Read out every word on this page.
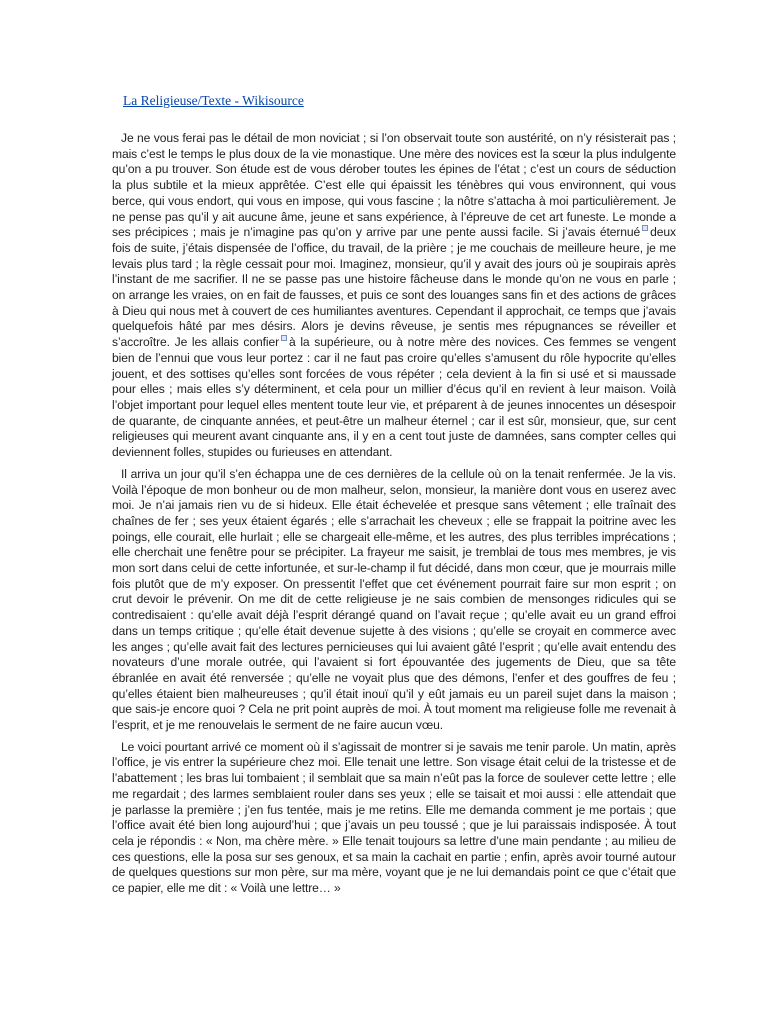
La Religieuse/Texte - Wikisource

Je ne vous ferai pas le détail de mon noviciat ; si l’on observait toute son austérité, on n’y résisterait pas ; mais c’est le temps le plus doux de la vie monastique. Une mère des novices est la sœur la plus indulgente qu’on a pu trouver. Son étude est de vous dérober toutes les épines de l’état ; c’est un cours de séduction la plus subtile et la mieux apprêtée. C’est elle qui épaissit les ténèbres qui vous environnent, qui vous berce, qui vous endort, qui vous en impose, qui vous fascine ; la nôtre s’attacha à moi particulièrement. Je ne pense pas qu’il y ait aucune âme, jeune et sans expérience, à l’épreuve de cet art funeste. Le monde a ses précipices ; mais je n’imagine pas qu’on y arrive par une pente aussi facile. Si j’avais éternué deux fois de suite, j’étais dispensée de l’office, du travail, de la prière ; je me couchais de meilleure heure, je me levais plus tard ; la règle cessait pour moi. Imaginez, monsieur, qu’il y avait des jours où je soupirais après l’instant de me sacrifier. Il ne se passe pas une histoire fâcheuse dans le monde qu’on ne vous en parle ; on arrange les vraies, on en fait de fausses, et puis ce sont des louanges sans fin et des actions de grâces à Dieu qui nous met à couvert de ces humiliantes aventures. Cependant il approchait, ce temps que j’avais quelquefois hâté par mes désirs. Alors je devins rêveuse, je sentis mes répugnances se réveiller et s’accroître. Je les allais confier à la supérieure, ou à notre mère des novices. Ces femmes se vengent bien de l’ennui que vous leur portez : car il ne faut pas croire qu’elles s’amusent du rôle hypocrite qu’elles jouent, et des sottises qu’elles sont forcées de vous répéter ; cela devient à la fin si usé et si maussade pour elles ; mais elles s’y déterminent, et cela pour un millier d’écus qu’il en revient à leur maison. Voilà l’objet important pour lequel elles mentent toute leur vie, et préparent à de jeunes innocentes un désespoir de quarante, de cinquante années, et peut-être un malheur éternel ; car il est sûr, monsieur, que, sur cent religieuses qui meurent avant cinquante ans, il y en a cent tout juste de damnées, sans compter celles qui deviennent folles, stupides ou furieuses en attendant.

Il arriva un jour qu’il s’en échappa une de ces dernières de la cellule où on la tenait renfermée. Je la vis. Voilà l’époque de mon bonheur ou de mon malheur, selon, monsieur, la manière dont vous en userez avec moi. Je n’ai jamais rien vu de si hideux. Elle était échevelée et presque sans vêtement ; elle traînait des chaînes de fer ; ses yeux étaient égarés ; elle s’arrachait les cheveux ; elle se frappait la poitrine avec les poings, elle courait, elle hurlait ; elle se chargeait elle-même, et les autres, des plus terribles imprécations ; elle cherchait une fenêtre pour se précipiter. La frayeur me saisit, je tremblai de tous mes membres, je vis mon sort dans celui de cette infortunée, et sur-le-champ il fut décidé, dans mon cœur, que je mourrais mille fois plutôt que de m’y exposer. On pressentit l’effet que cet événement pourrait faire sur mon esprit ; on crut devoir le prévenir. On me dit de cette religieuse je ne sais combien de mensonges ridicules qui se contredisaient : qu’elle avait déjà l’esprit dérangé quand on l’avait reçue ; qu’elle avait eu un grand effroi dans un temps critique ; qu’elle était devenue sujette à des visions ; qu’elle se croyait en commerce avec les anges ; qu’elle avait fait des lectures pernicieuses qui lui avaient gâté l’esprit ; qu’elle avait entendu des novateurs d’une morale outrée, qui l’avaient si fort épouvantée des jugements de Dieu, que sa tête ébranlée en avait été renversée ; qu’elle ne voyait plus que des démons, l’enfer et des gouffres de feu ; qu’elles étaient bien malheureuses ; qu’il était inouï qu’il y eût jamais eu un pareil sujet dans la maison ; que sais-je encore quoi ? Cela ne prit point auprès de moi. À tout moment ma religieuse folle me revenait à l’esprit, et je me renouvelais le serment de ne faire aucun vœu.

Le voici pourtant arrivé ce moment où il s’agissait de montrer si je savais me tenir parole. Un matin, après l’office, je vis entrer la supérieure chez moi. Elle tenait une lettre. Son visage était celui de la tristesse et de l’abattement ; les bras lui tombaient ; il semblait que sa main n’eût pas la force de soulever cette lettre ; elle me regardait ; des larmes semblaient rouler dans ses yeux ; elle se taisait et moi aussi : elle attendait que je parlasse la première ; j’en fus tentée, mais je me retins. Elle me demanda comment je me portais ; que l’office avait été bien long aujourd’hui ; que j’avais un peu toussé ; que je lui paraissais indisposée. À tout cela je répondis : « Non, ma chère mère. » Elle tenait toujours sa lettre d’une main pendante ; au milieu de ces questions, elle la posa sur ses genoux, et sa main la cachait en partie ; enfin, après avoir tourné autour de quelques questions sur mon père, sur ma mère, voyant que je ne lui demandais point ce que c’était que ce papier, elle me dit : « Voilà une lettre… »
